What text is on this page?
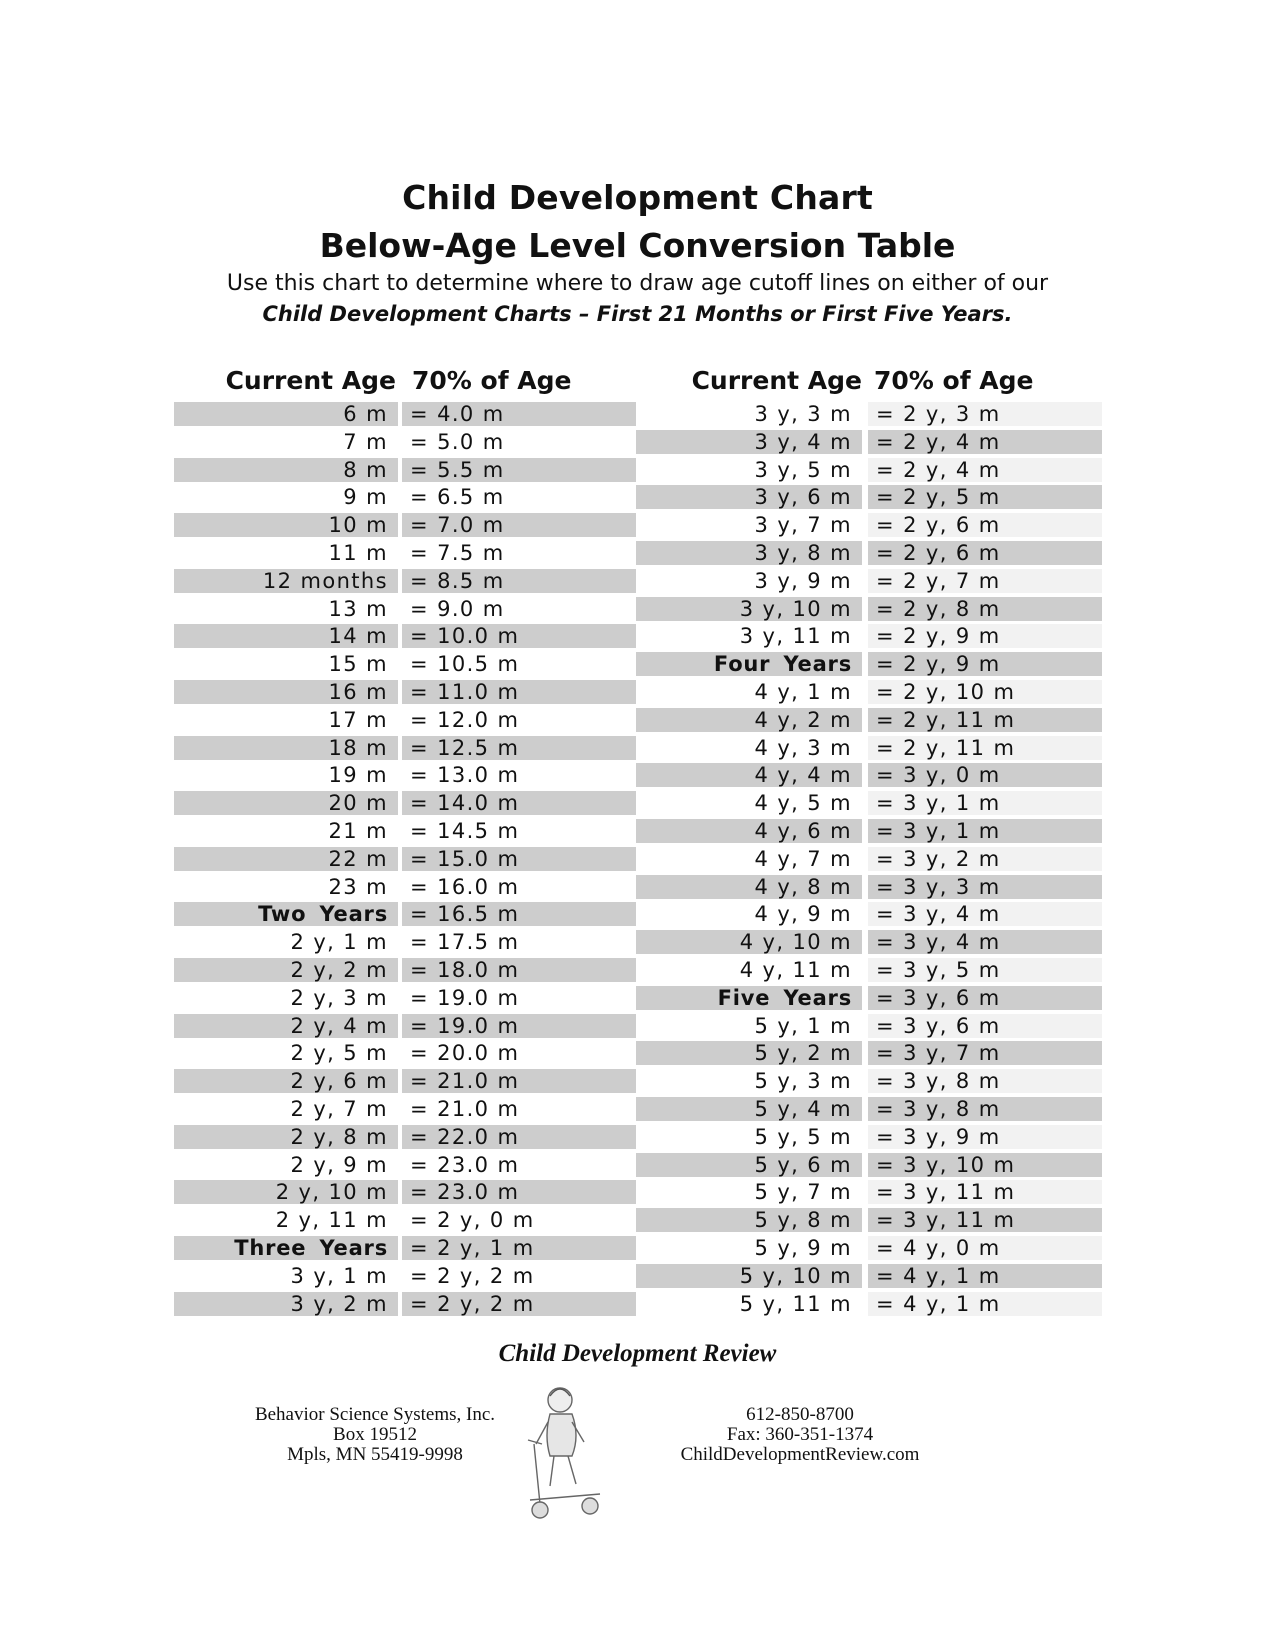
Child Development Chart
Below-Age Level Conversion Table
Use this chart to determine where to draw age cutoff lines on either of our
Child Development Charts – First 21 Months or First Five Years.
Current Age 70% of Age
6 m	= 4.0 m
7 m	= 5.0 m
8 m	= 5.5 m
9 m	= 6.5 m
10 m	= 7.0 m
11 m	= 7.5 m
12 months	= 8.5 m
13 m	= 9.0 m
14 m	= 10.0 m
15 m	= 10.5 m
16 m	= 11.0 m
17 m	= 12.0 m
18 m	= 12.5 m
19 m	= 13.0 m
20 m	= 14.0 m
21 m	= 14.5 m
22 m	= 15.0 m
23 m	= 16.0 m
Two Years	= 16.5 m
2 y, 1 m	= 17.5 m
2 y, 2 m	= 18.0 m
2 y, 3 m	= 19.0 m
2 y, 4 m	= 19.0 m
2 y, 5 m	= 20.0 m
2 y, 6 m	= 21.0 m
2 y, 7 m	= 21.0 m
2 y, 8 m	= 22.0 m
2 y, 9 m	= 23.0 m
2 y, 10 m	= 23.0 m
2 y, 11 m	= 2 y, 0 m
Three Years	= 2 y, 1 m
3 y, 1 m	= 2 y, 2 m
3 y, 2 m	= 2 y, 2 m
Current Age 70% of Age
3 y, 3 m	= 2 y, 3 m
3 y, 4 m	= 2 y, 4 m
3 y, 5 m	= 2 y, 4 m
3 y, 6 m	= 2 y, 5 m
3 y, 7 m	= 2 y, 6 m
3 y, 8 m	= 2 y, 6 m
3 y, 9 m	= 2 y, 7 m
3 y, 10 m	= 2 y, 8 m
3 y, 11 m	= 2 y, 9 m
Four Years	= 2 y, 9 m
4 y, 1 m	= 2 y, 10 m
4 y, 2 m	= 2 y, 11 m
4 y, 3 m	= 2 y, 11 m
4 y, 4 m	= 3 y, 0 m
4 y, 5 m	= 3 y, 1 m
4 y, 6 m	= 3 y, 1 m
4 y, 7 m	= 3 y, 2 m
4 y, 8 m	= 3 y, 3 m
4 y, 9 m	= 3 y, 4 m
4 y, 10 m	= 3 y, 4 m
4 y, 11 m	= 3 y, 5 m
Five Years	= 3 y, 6 m
5 y, 1 m	= 3 y, 6 m
5 y, 2 m	= 3 y, 7 m
5 y, 3 m	= 3 y, 8 m
5 y, 4 m	= 3 y, 8 m
5 y, 5 m	= 3 y, 9 m
5 y, 6 m	= 3 y, 10 m
5 y, 7 m	= 3 y, 11 m
5 y, 8 m	= 3 y, 11 m
5 y, 9 m	= 4 y, 0 m
5 y, 10 m	= 4 y, 1 m
5 y, 11 m	= 4 y, 1 m
Child Development Review
Behavior Science Systems, Inc.
Box 19512
Mpls, MN 55419-9998
612-850-8700
Fax: 360-351-1374
ChildDevelopmentReview.com
